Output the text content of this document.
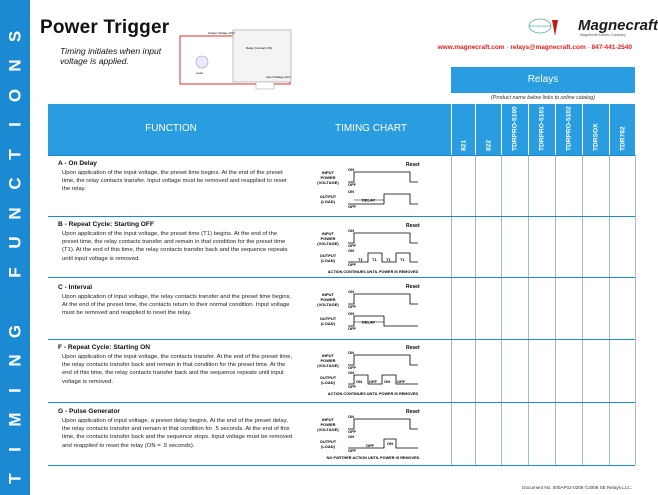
T
I
M
I
N
G
F
U
N
C
T
I
O
N
S Power Trigger
Timing initiates when input voltage is applied.
Output Voltage (DC)
Relay (Contact ON)
Load
Input Voltage (AC)
Schneider Electric Magnecraft
Magnecraft Electric Company
www.magnecraft.com · relays@magnecraft.com · 847-441-2540
Relays
(Product name below links to online catalog)
FUNCTION	TIMING CHART
821	822	TDRPRO-5100	TDRPRO-5101	TDRPRO-5102	TDRSOX	TDR782
A - On Delay
Upon application of the input voltage, the preset time begins. At the end of the preset time, the relay contacts transfer. Input voltage must be removed and reapplied to reset the relay.
B - Repeat Cycle: Starting OFF
Upon application of the input voltage, the preset time (T1) begins. At the end of the preset time, the relay contacts transfer and remain in that condition for the preset time (T1). At the end of this time, the relay contacts transfer back and the sequence repeats until input voltage is removed.
C - Interval
Upon application of input voltage, the relay contacts transfer and the preset time begins. At the end of the preset time, the contacts return to their normal condition. Input voltage must be removed and reapplied to reset the relay.
F - Repeat Cycle: Starting ON
Upon application of the input voltage, the contacts transfer. At the end of the preset time, the relay contacts transfer back and remain in that condition for the preset time. At the end of this time, the relay contacts transfer back and the sequence repeats until input voltage is removed.
G - Pulse Generator
Upon application of input voltage, a preset delay begins. At the end of the preset delay, the relay contacts transfer and remain in that condition for .5 seconds. At the end of this time, the contacts transfer back and the sequence stops. Input voltage must be removed and reapplied to reset the relay (ON = .5 seconds).
Reset
INPUT
POWER
(VOLTAGE)
ON
OFF
OUTPUT
(LOAD)
ON
OFF
DELAY
Reset
INPUT
POWER
(VOLTAGE)
ON
OFF
OUTPUT
(LOAD)
ON
OFF
T1 T1 T1 T1
ACTION CONTINUES UNTIL POWER IS REMOVED
Reset
INPUT
POWER
(VOLTAGE)
ON
OFF
OUTPUT
(LOAD)
ON
OFF
DELAY
Reset
INPUT
POWER
(VOLTAGE)
ON
OFF
OUTPUT
(LOAD)
ON
OFF
ON OFF ON OFF
ACTION CONTINUES UNTIL POWER IS REMOVED
Reset
INPUT
POWER
(VOLTAGE)
ON
OFF
OUTPUT
(LOAD)
ON
OFF
OFF	ON
NO FURTHER ACTION UNTIL POWER IS REMOVED
Document No. 500AP02-0208 ©2008 SE Relays LLC.
